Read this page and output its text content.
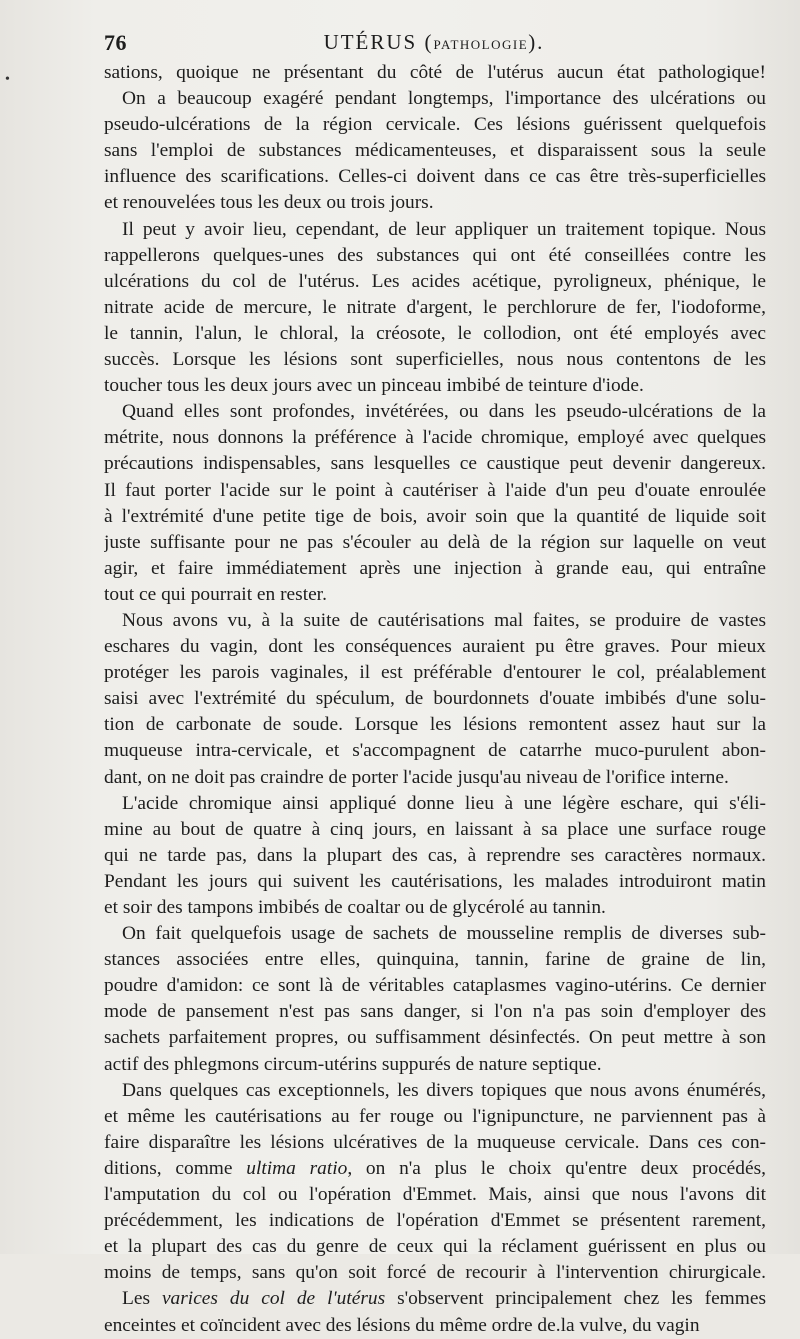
•
76	UTÉRUS (PATHOLOGIE).
sations, quoique ne présentant du côté de l'utérus aucun état pathologique!
On a beaucoup exagéré pendant longtemps, l'importance des ulcérations ou
pseudo-ulcérations de la région cervicale. Ces lésions guérissent quelquefois
sans l'emploi de substances médicamenteuses, et disparaissent sous la seule
influence des scarifications. Celles-ci doivent dans ce cas être très-superficielles
et renouvelées tous les deux ou trois jours.
Il peut y avoir lieu, cependant, de leur appliquer un traitement topique. Nous
rappellerons quelques-unes des substances qui ont été conseillées contre les
ulcérations du col de l'utérus. Les acides acétique, pyroligneux, phénique, le
nitrate acide de mercure, le nitrate d'argent, le perchlorure de fer, l'iodoforme,
le tannin, l'alun, le chloral, la créosote, le collodion, ont été employés avec
succès. Lorsque les lésions sont superficielles, nous nous contentons de les
toucher tous les deux jours avec un pinceau imbibé de teinture d'iode.
Quand elles sont profondes, invétérées, ou dans les pseudo-ulcérations de la
métrite, nous donnons la préférence à l'acide chromique, employé avec quelques
précautions indispensables, sans lesquelles ce caustique peut devenir dangereux.
Il faut porter l'acide sur le point à cautériser à l'aide d'un peu d'ouate enroulée
à l'extrémité d'une petite tige de bois, avoir soin que la quantité de liquide soit
juste suffisante pour ne pas s'écouler au delà de la région sur laquelle on veut
agir, et faire immédiatement après une injection à grande eau, qui entraîne
tout ce qui pourrait en rester.
Nous avons vu, à la suite de cautérisations mal faites, se produire de vastes
eschares du vagin, dont les conséquences auraient pu être graves. Pour mieux
protéger les parois vaginales, il est préférable d'entourer le col, préalablement
saisi avec l'extrémité du spéculum, de bourdonnets d'ouate imbibés d'une solu-
tion de carbonate de soude. Lorsque les lésions remontent assez haut sur la
muqueuse intra-cervicale, et s'accompagnent de catarrhe muco-purulent abon-
dant, on ne doit pas craindre de porter l'acide jusqu'au niveau de l'orifice interne.
L'acide chromique ainsi appliqué donne lieu à une légère eschare, qui s'éli-
mine au bout de quatre à cinq jours, en laissant à sa place une surface rouge
qui ne tarde pas, dans la plupart des cas, à reprendre ses caractères normaux.
Pendant les jours qui suivent les cautérisations, les malades introduiront matin
et soir des tampons imbibés de coaltar ou de glycérolé au tannin.
On fait quelquefois usage de sachets de mousseline remplis de diverses sub-
stances associées entre elles, quinquina, tannin, farine de graine de lin,
poudre d'amidon: ce sont là de véritables cataplasmes vagino-utérins. Ce dernier
mode de pansement n'est pas sans danger, si l'on n'a pas soin d'employer des
sachets parfaitement propres, ou suffisamment désinfectés. On peut mettre à son
actif des phlegmons circum-utérins suppurés de nature septique.
Dans quelques cas exceptionnels, les divers topiques que nous avons énumérés,
et même les cautérisations au fer rouge ou l'ignipuncture, ne parviennent pas à
faire disparaître les lésions ulcératives de la muqueuse cervicale. Dans ces con-
ditions, comme ultima ratio, on n'a plus le choix qu'entre deux procédés,
l'amputation du col ou l'opération d'Emmet. Mais, ainsi que nous l'avons dit
précédemment, les indications de l'opération d'Emmet se présentent rarement,
et la plupart des cas du genre de ceux qui la réclament guérissent en plus ou
moins de temps, sans qu'on soit forcé de recourir à l'intervention chirurgicale.
Les varices du col de l'utérus s'observent principalement chez les femmes
enceintes et coïncident avec des lésions du même ordre de.la vulve, du vagin
